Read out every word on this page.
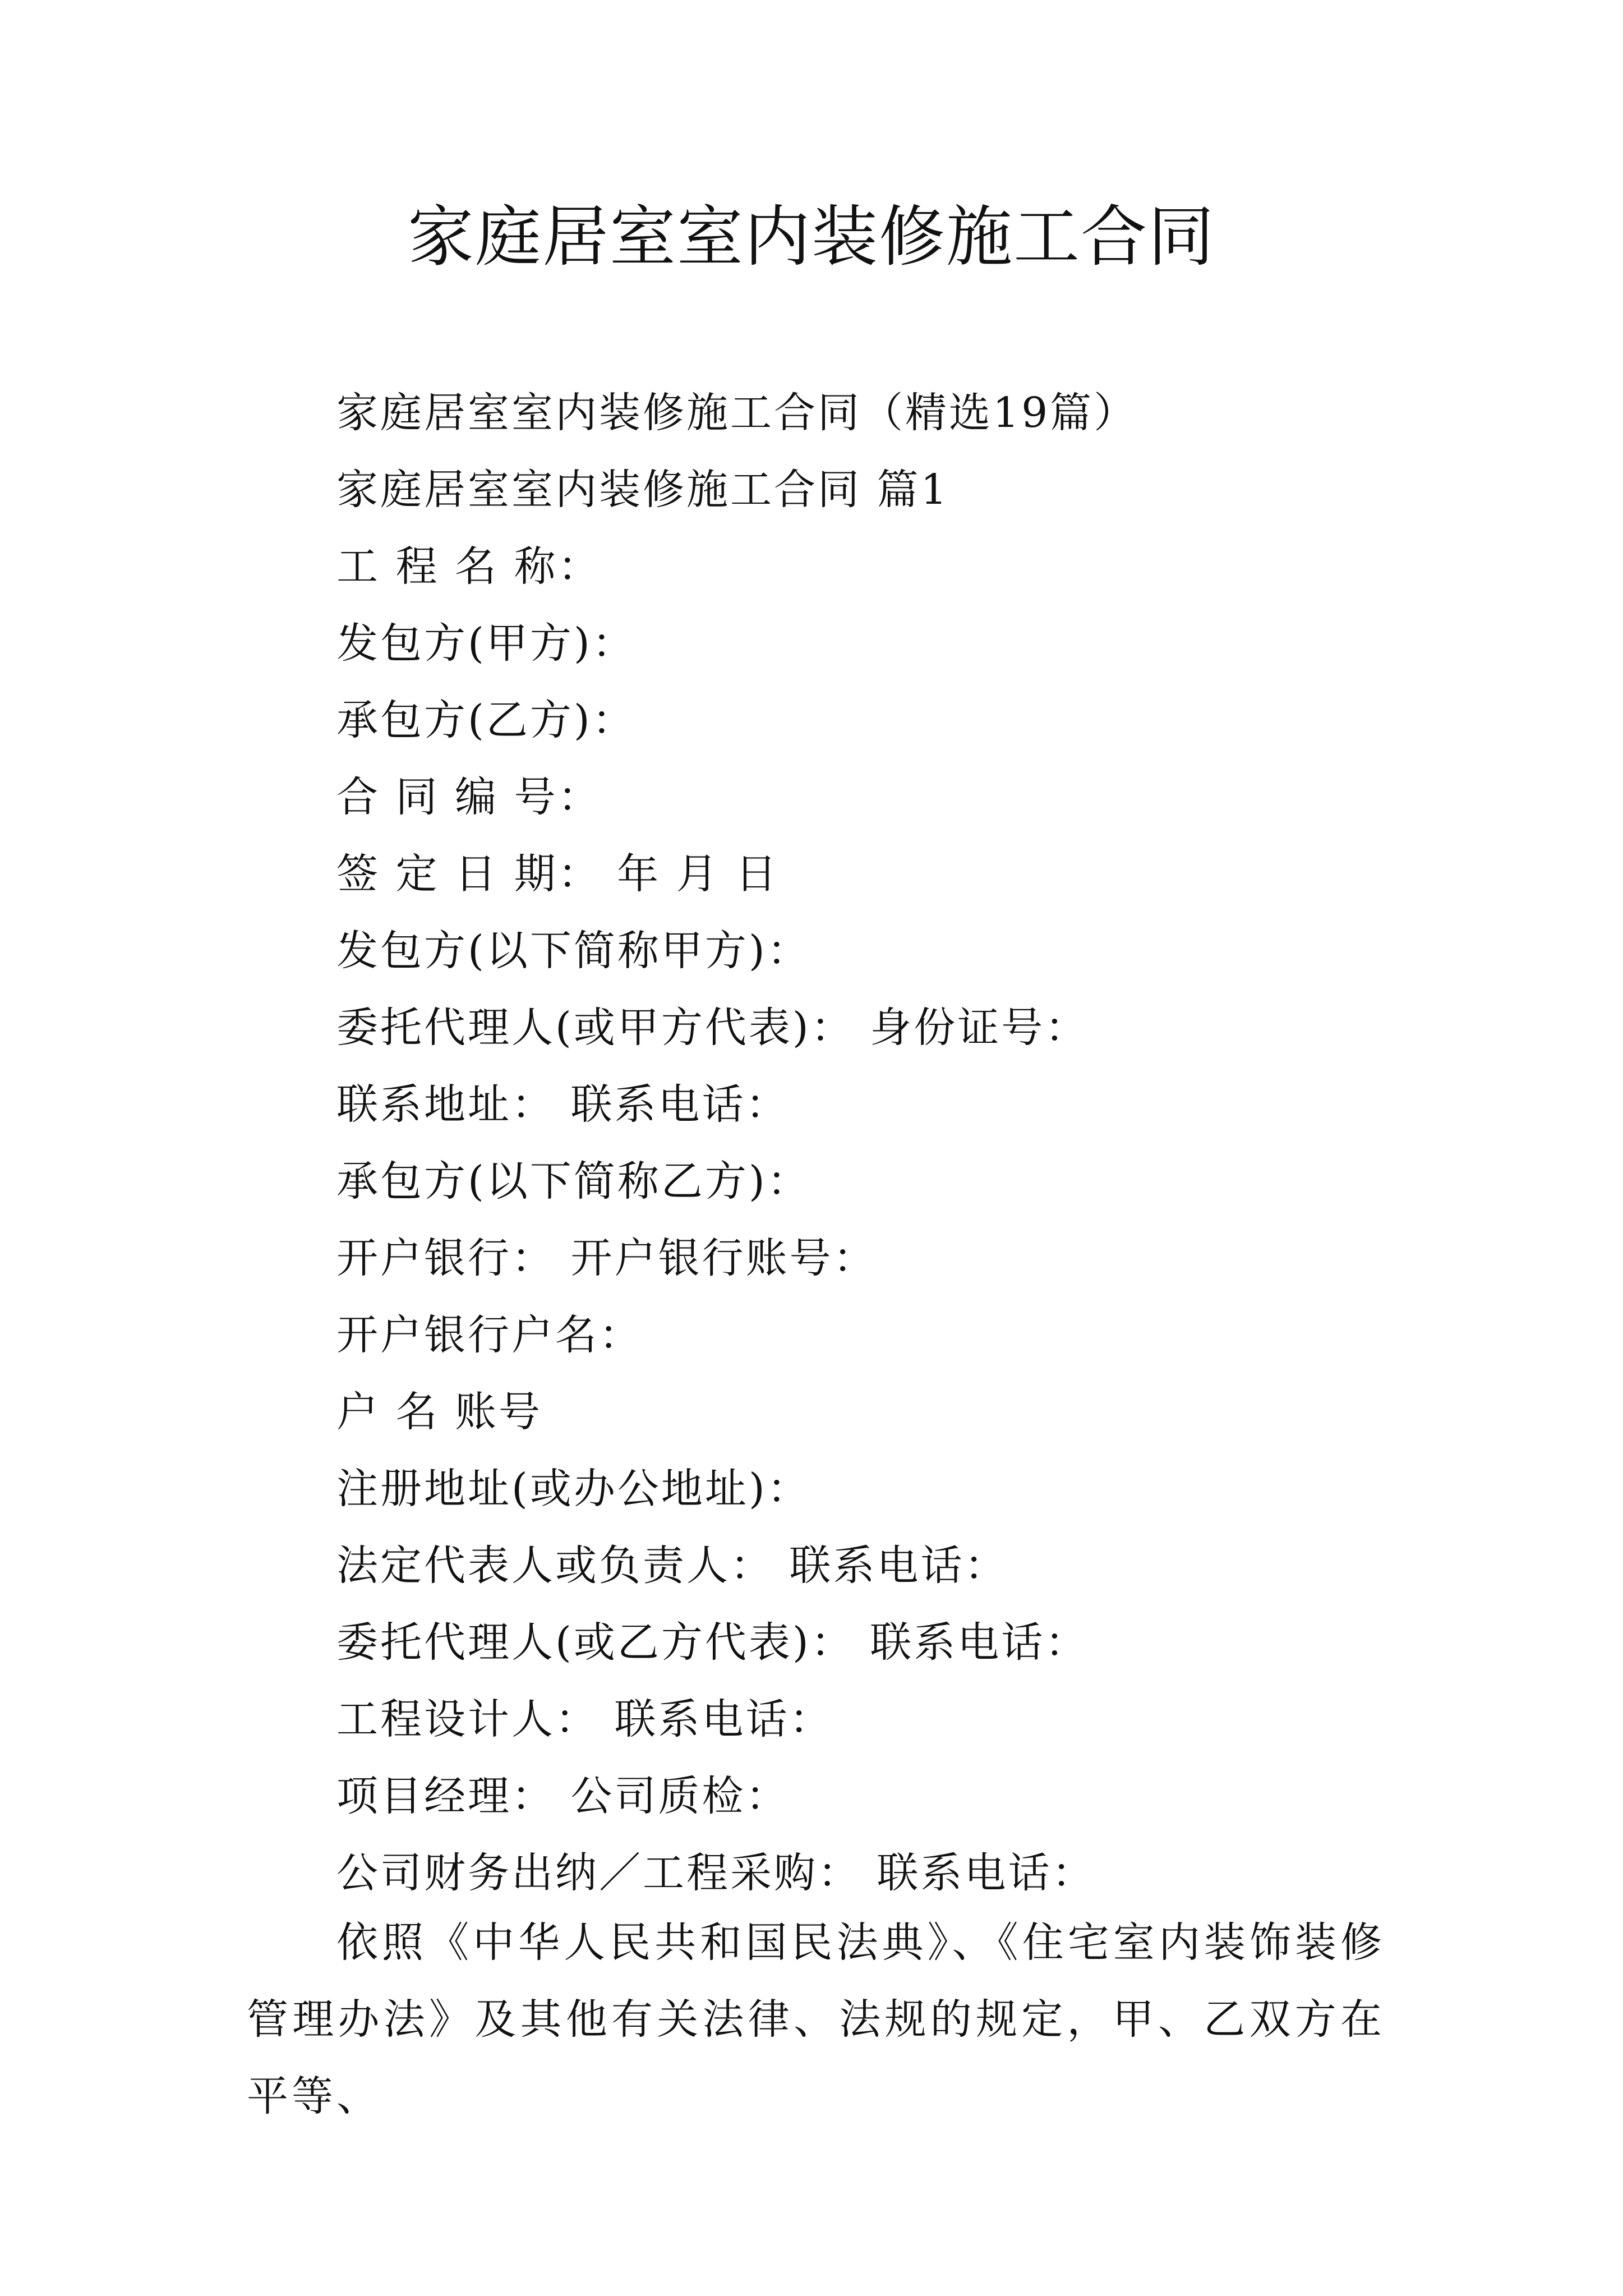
家庭居室室内装修施工合同
家庭居室室内装修施工合同（精选19篇）
家庭居室室内装修施工合同 篇1
工 程 名 称：
发包方(甲方)：
承包方(乙方)：
合 同 编 号：
签 定 日 期： 年 月 日
发包方(以下简称甲方)：
委托代理人(或甲方代表)： 身份证号：
联系地址： 联系电话：
承包方(以下简称乙方)：
开户银行： 开户银行账号：
开户银行户名：
户 名 账号
注册地址(或办公地址)：
法定代表人或负责人： 联系电话：
委托代理人(或乙方代表)： 联系电话：
工程设计人： 联系电话：
项目经理： 公司质检：
公司财务出纳／工程采购： 联系电话：

依照《中华人民共和国民法典》、《住宅室内装饰装修管理办法》及其他有关法律、法规的规定，甲、乙双方在平等、
